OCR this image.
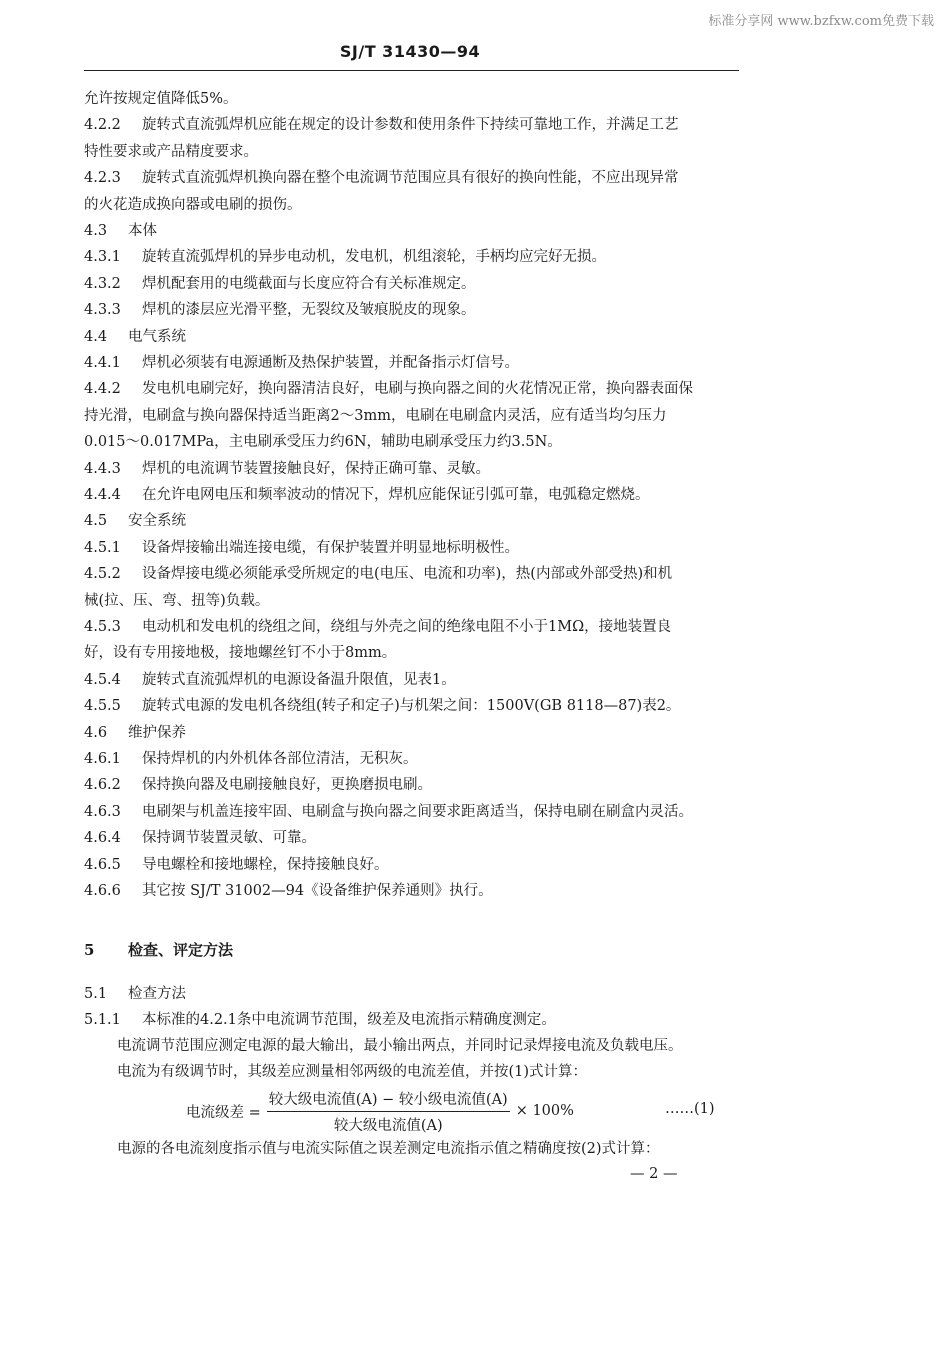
标准分享网 www.bzfxw.com免费下载
SJ/T 31430—94
允许按规定值降低5%。
4.2.2 旋转式直流弧焊机应能在规定的设计参数和使用条件下持续可靠地工作，并满足工艺
特性要求或产品精度要求。
4.2.3 旋转式直流弧焊机换向器在整个电流调节范围应具有很好的换向性能，不应出现异常
的火花造成换向器或电刷的损伤。
4.3 本体
4.3.1 旋转直流弧焊机的异步电动机，发电机，机组滚轮，手柄均应完好无损。
4.3.2 焊机配套用的电缆截面与长度应符合有关标准规定。
4.3.3 焊机的漆层应光滑平整，无裂纹及皱痕脱皮的现象。
4.4 电气系统
4.4.1 焊机必须装有电源通断及热保护装置，并配备指示灯信号。
4.4.2 发电机电刷完好，换向器清洁良好，电刷与换向器之间的火花情况正常，换向器表面保
持光滑，电刷盒与换向器保持适当距离2～3mm，电刷在电刷盒内灵活，应有适当均匀压力
0.015～0.017MPa，主电刷承受压力约6N，辅助电刷承受压力约3.5N。
4.4.3 焊机的电流调节装置接触良好，保持正确可靠、灵敏。
4.4.4 在允许电网电压和频率波动的情况下，焊机应能保证引弧可靠，电弧稳定燃烧。
4.5 安全系统
4.5.1 设备焊接输出端连接电缆，有保护装置并明显地标明极性。
4.5.2 设备焊接电缆必须能承受所规定的电(电压、电流和功率)，热(内部或外部受热)和机
械(拉、压、弯、扭等)负载。
4.5.3 电动机和发电机的绕组之间，绕组与外壳之间的绝缘电阻不小于1MΩ，接地装置良
好，设有专用接地极，接地螺丝钉不小于8mm。
4.5.4 旋转式直流弧焊机的电源设备温升限值，见表1。
4.5.5 旋转式电源的发电机各绕组(转子和定子)与机架之间：1500V(GB 8118—87)表2。
4.6 维护保养
4.6.1 保持焊机的内外机体各部位清洁，无积灰。
4.6.2 保持换向器及电刷接触良好，更换磨损电刷。
4.6.3 电刷架与机盖连接牢固、电刷盒与换向器之间要求距离适当，保持电刷在刷盒内灵活。
4.6.4 保持调节装置灵敏、可靠。
4.6.5 导电螺栓和接地螺栓，保持接触良好。
4.6.6 其它按 SJ/T 31002—94《设备维护保养通则》执行。
5 检查、评定方法
5.1 检查方法
5.1.1 本标准的4.2.1条中电流调节范围，级差及电流指示精确度测定。
电流调节范围应测定电源的最大输出，最小输出两点，并同时记录焊接电流及负载电压。
电流为有级调节时，其级差应测量相邻两级的电流差值，并按(1)式计算：
电流级差 = $\frac{\text{较大级电流值(A) − 较小级电流值(A)}}{\text{较大级电流值(A)}} \times 100\%$	……(1)
电源的各电流刻度指示值与电流实际值之误差测定电流指示值之精确度按(2)式计算：
— 2 —
